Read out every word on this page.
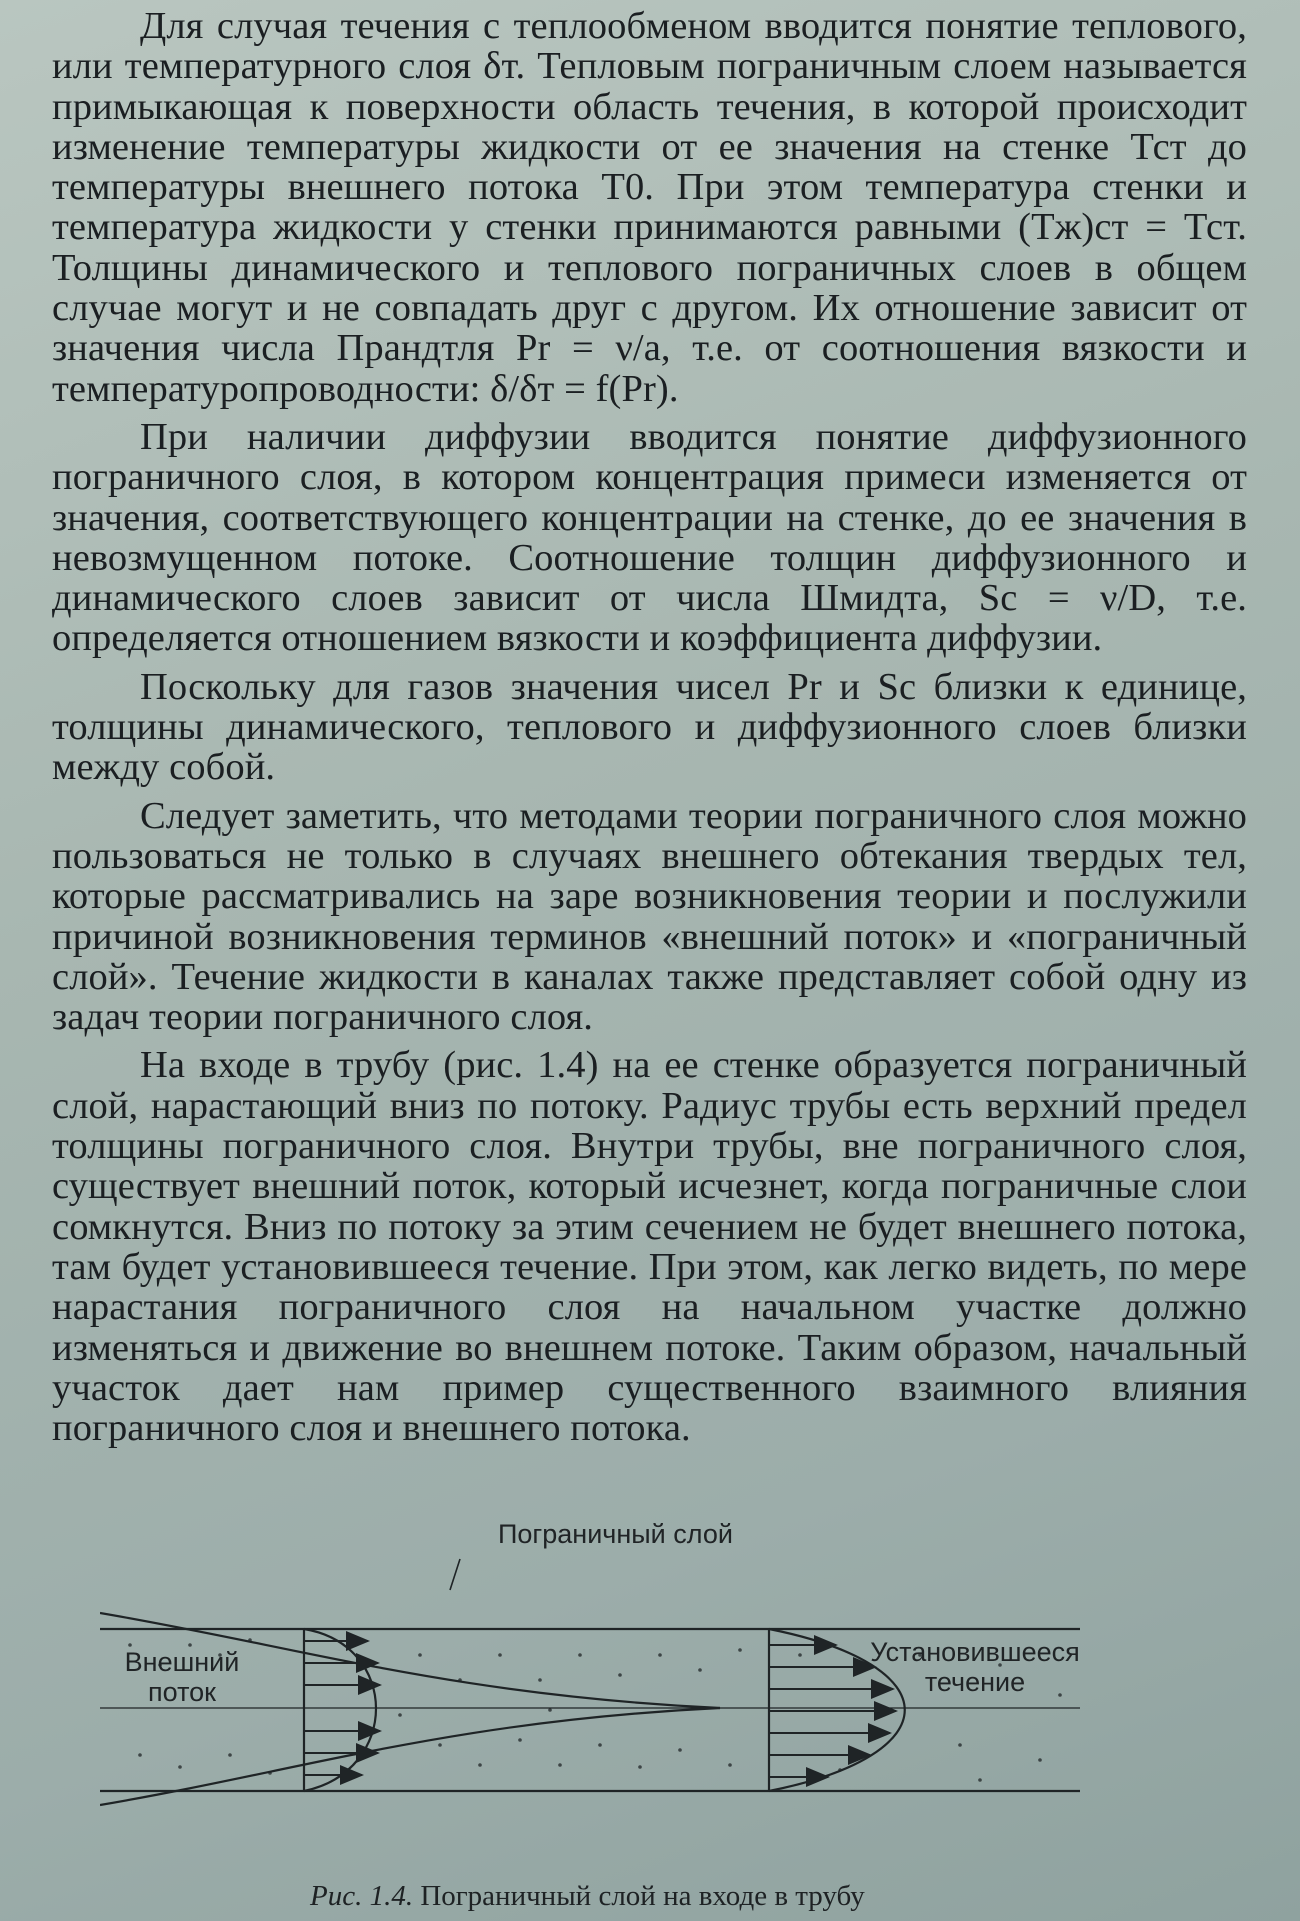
Для случая течения с теплообменом вводится понятие теплового, или температурного слоя δт. Тепловым пограничным слоем называется примыкающая к поверхности область течения, в которой происходит изменение температуры жидкости от ее значения на стенке Тст до температуры внешнего потока Т0. При этом температура стенки и температура жидкости у стенки принимаются равными (Тж)ст = Тст. Толщины динамического и теплового пограничных слоев в общем случае могут и не совпадать друг с другом. Их отношение зависит от значения числа Прандтля Pr = ν/a, т.е. от соотношения вязкости и температуропроводности: δ/δт = f(Pr).

При наличии диффузии вводится понятие диффузионного пограничного слоя, в котором концентрация примеси изменяется от значения, соответствующего концентрации на стенке, до ее значения в невозмущенном потоке. Соотношение толщин диффузионного и динамического слоев зависит от числа Шмидта, Sc = ν/D, т.е. определяется отношением вязкости и коэффициента диффузии.

Поскольку для газов значения чисел Pr и Sc близки к единице, толщины динамического, теплового и диффузионного слоев близки между собой.

Следует заметить, что методами теории пограничного слоя можно пользоваться не только в случаях внешнего обтекания твердых тел, которые рассматривались на заре возникновения теории и послужили причиной возникновения терминов «внешний поток» и «пограничный слой». Течение жидкости в каналах также представляет собой одну из задач теории пограничного слоя.

На входе в трубу (рис. 1.4) на ее стенке образуется пограничный слой, нарастающий вниз по потоку. Радиус трубы есть верхний предел толщины пограничного слоя. Внутри трубы, вне пограничного слоя, существует внешний поток, который исчезнет, когда пограничные слои сомкнутся. Вниз по потоку за этим сечением не будет внешнего потока, там будет установившееся течение. При этом, как легко видеть, по мере нарастания пограничного слоя на начальном участке должно изменяться и движение во внешнем потоке. Таким образом, начальный участок дает нам пример существенного взаимного влияния пограничного слоя и внешнего потока.

Пограничный слой
Внешний поток
Установившееся течение
Рис. 1.4. Пограничный слой на входе в трубу
